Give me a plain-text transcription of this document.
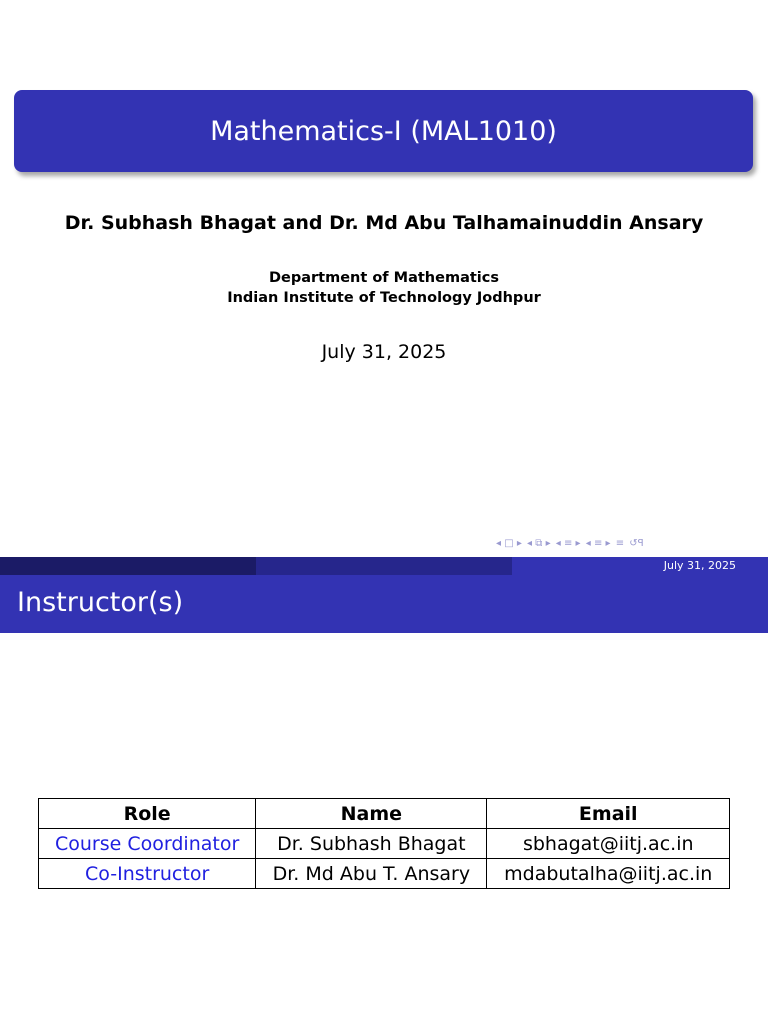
Mathematics-I (MAL1010)
Dr. Subhash Bhagat and Dr. Md Abu Talhamainuddin Ansary
Department of Mathematics
Indian Institute of Technology Jodhpur
July 31, 2025
◂ □ ▸ ◂ ⧉ ▸ ◂ ≡ ▸ ◂ ≡ ▸ ≡ ↺ꟼ
July 31, 2025
Instructor(s)
Role	Name	Email
Course Coordinator	Dr. Subhash Bhagat	sbhagat@iitj.ac.in
Co-Instructor	Dr. Md Abu T. Ansary	mdabutalha@iitj.ac.in
